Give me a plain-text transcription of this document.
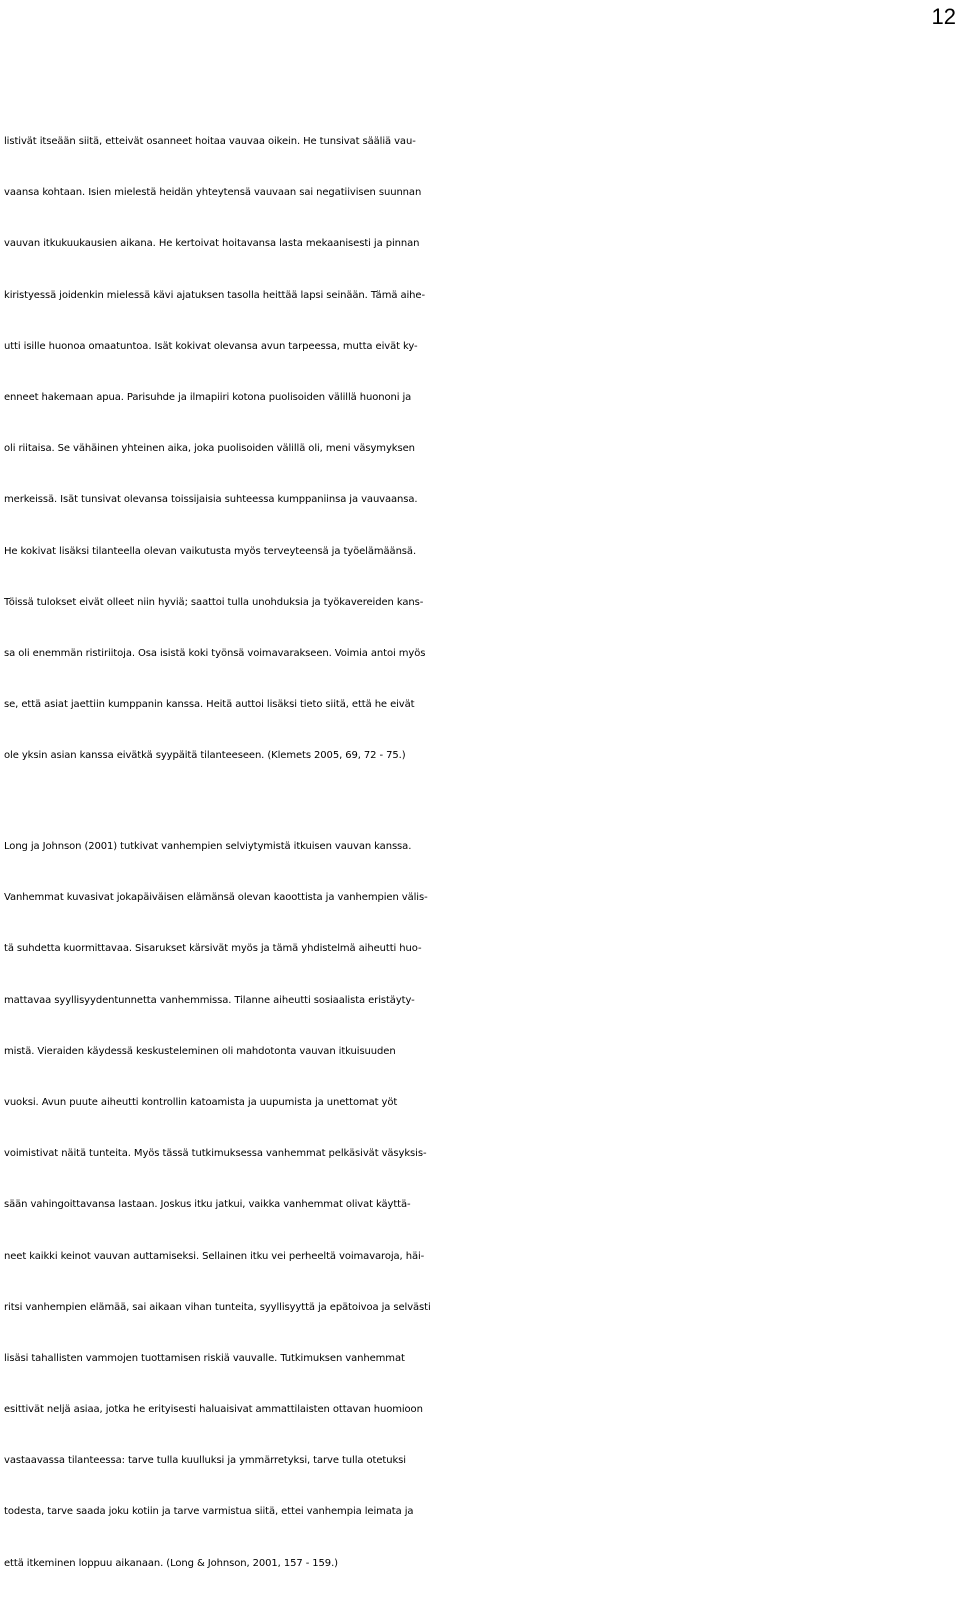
12
listivät itseään siitä, etteivät osanneet hoitaa vauvaa oikein. He tunsivat sääliä vau-
vaansa kohtaan. Isien mielestä heidän yhteytensä vauvaan sai negatiivisen suunnan
vauvan itkukuukausien aikana. He kertoivat hoitavansa lasta mekaanisesti ja pinnan
kiristyessä joidenkin mielessä kävi ajatuksen tasolla heittää lapsi seinään. Tämä aihe-
utti isille huonoa omaatuntoa. Isät kokivat olevansa avun tarpeessa, mutta eivät ky-
enneet hakemaan apua. Parisuhde ja ilmapiiri kotona puolisoiden välillä huononi ja
oli riitaisa. Se vähäinen yhteinen aika, joka puolisoiden välillä oli, meni väsymyksen
merkeissä. Isät tunsivat olevansa toissijaisia suhteessa kumppaniinsa ja vauvaansa.
He kokivat lisäksi tilanteella olevan vaikutusta myös terveyteensä ja työelämäänsä.
Töissä tulokset eivät olleet niin hyviä; saattoi tulla unohduksia ja työkavereiden kans-
sa oli enemmän ristiriitoja. Osa isistä koki työnsä voimavarakseen. Voimia antoi myös
se, että asiat jaettiin kumppanin kanssa. Heitä auttoi lisäksi tieto siitä, että he eivät
ole yksin asian kanssa eivätkä syypäitä tilanteeseen. (Klemets 2005, 69, 72 - 75.)
Long ja Johnson (2001) tutkivat vanhempien selviytymistä itkuisen vauvan kanssa.
Vanhemmat kuvasivat jokapäiväisen elämänsä olevan kaoottista ja vanhempien välis-
tä suhdetta kuormittavaa. Sisarukset kärsivät myös ja tämä yhdistelmä aiheutti huo-
mattavaa syyllisyydentunnetta vanhemmissa. Tilanne aiheutti sosiaalista eristäyty-
mistä. Vieraiden käydessä keskusteleminen oli mahdotonta vauvan itkuisuuden
vuoksi. Avun puute aiheutti kontrollin katoamista ja uupumista ja unettomat yöt
voimistivat näitä tunteita. Myös tässä tutkimuksessa vanhemmat pelkäsivät väsyksis-
sään vahingoittavansa lastaan. Joskus itku jatkui, vaikka vanhemmat olivat käyttä-
neet kaikki keinot vauvan auttamiseksi. Sellainen itku vei perheeltä voimavaroja, häi-
ritsi vanhempien elämää, sai aikaan vihan tunteita, syyllisyyttä ja epätoivoa ja selvästi
lisäsi tahallisten vammojen tuottamisen riskiä vauvalle. Tutkimuksen vanhemmat
esittivät neljä asiaa, jotka he erityisesti haluaisivat ammattilaisten ottavan huomioon
vastaavassa tilanteessa: tarve tulla kuulluksi ja ymmärretyksi, tarve tulla otetuksi
todesta, tarve saada joku kotiin ja tarve varmistua siitä, ettei vanhempia leimata ja
että itkeminen loppuu aikanaan. (Long & Johnson, 2001, 157 - 159.)
